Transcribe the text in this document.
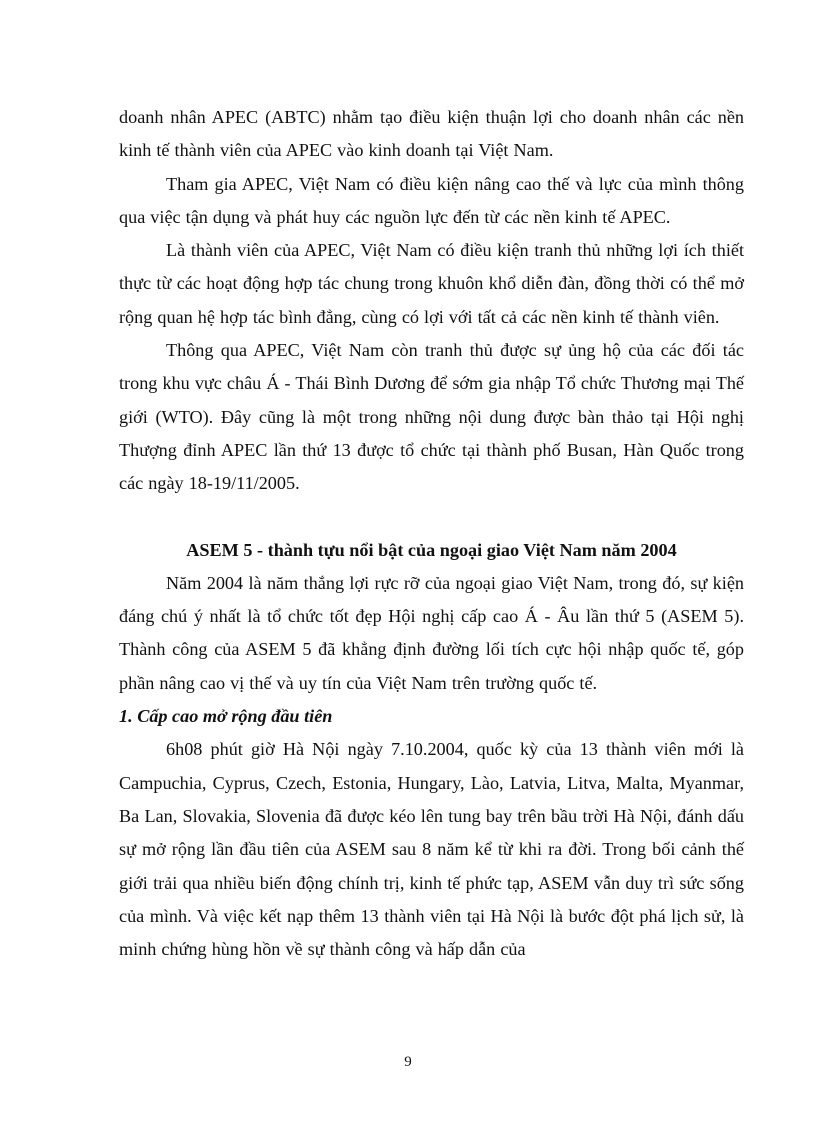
doanh nhân APEC (ABTC) nhằm tạo điều kiện thuận lợi cho doanh nhân các nền kinh tế thành viên của APEC vào kinh doanh tại Việt Nam.

Tham gia APEC, Việt Nam có điều kiện nâng cao thế và lực của mình thông qua việc tận dụng và phát huy các nguồn lực đến từ các nền kinh tế APEC.

Là thành viên của APEC, Việt Nam có điều kiện tranh thủ những lợi ích thiết thực từ các hoạt động hợp tác chung trong khuôn khổ diễn đàn, đồng thời có thể mở rộng quan hệ hợp tác bình đẳng, cùng có lợi với tất cả các nền kinh tế thành viên.

Thông qua APEC, Việt Nam còn tranh thủ được sự ủng hộ của các đối tác trong khu vực châu Á - Thái Bình Dương để sớm gia nhập Tổ chức Thương mại Thế giới (WTO). Đây cũng là một trong những nội dung được bàn thảo tại Hội nghị Thượng đỉnh APEC lần thứ 13 được tổ chức tại thành phố Busan, Hàn Quốc trong các ngày 18-19/11/2005.

ASEM 5 - thành tựu nổi bật của ngoại giao Việt Nam năm 2004

Năm 2004 là năm thắng lợi rực rỡ của ngoại giao Việt Nam, trong đó, sự kiện đáng chú ý nhất là tổ chức tốt đẹp Hội nghị cấp cao Á - Âu lần thứ 5 (ASEM 5). Thành công của ASEM 5 đã khẳng định đường lối tích cực hội nhập quốc tế, góp phần nâng cao vị thế và uy tín của Việt Nam trên trường quốc tế.

1. Cấp cao mở rộng đầu tiên

6h08 phút giờ Hà Nội ngày 7.10.2004, quốc kỳ của 13 thành viên mới là Campuchia, Cyprus, Czech, Estonia, Hungary, Lào, Latvia, Litva, Malta, Myanmar, Ba Lan, Slovakia, Slovenia đã được kéo lên tung bay trên bầu trời Hà Nội, đánh dấu sự mở rộng lần đầu tiên của ASEM sau 8 năm kể từ khi ra đời. Trong bối cảnh thế giới trải qua nhiều biến động chính trị, kinh tế phức tạp, ASEM vẫn duy trì sức sống của mình. Và việc kết nạp thêm 13 thành viên tại Hà Nội là bước đột phá lịch sử, là minh chứng hùng hồn về sự thành công và hấp dẫn của

9
